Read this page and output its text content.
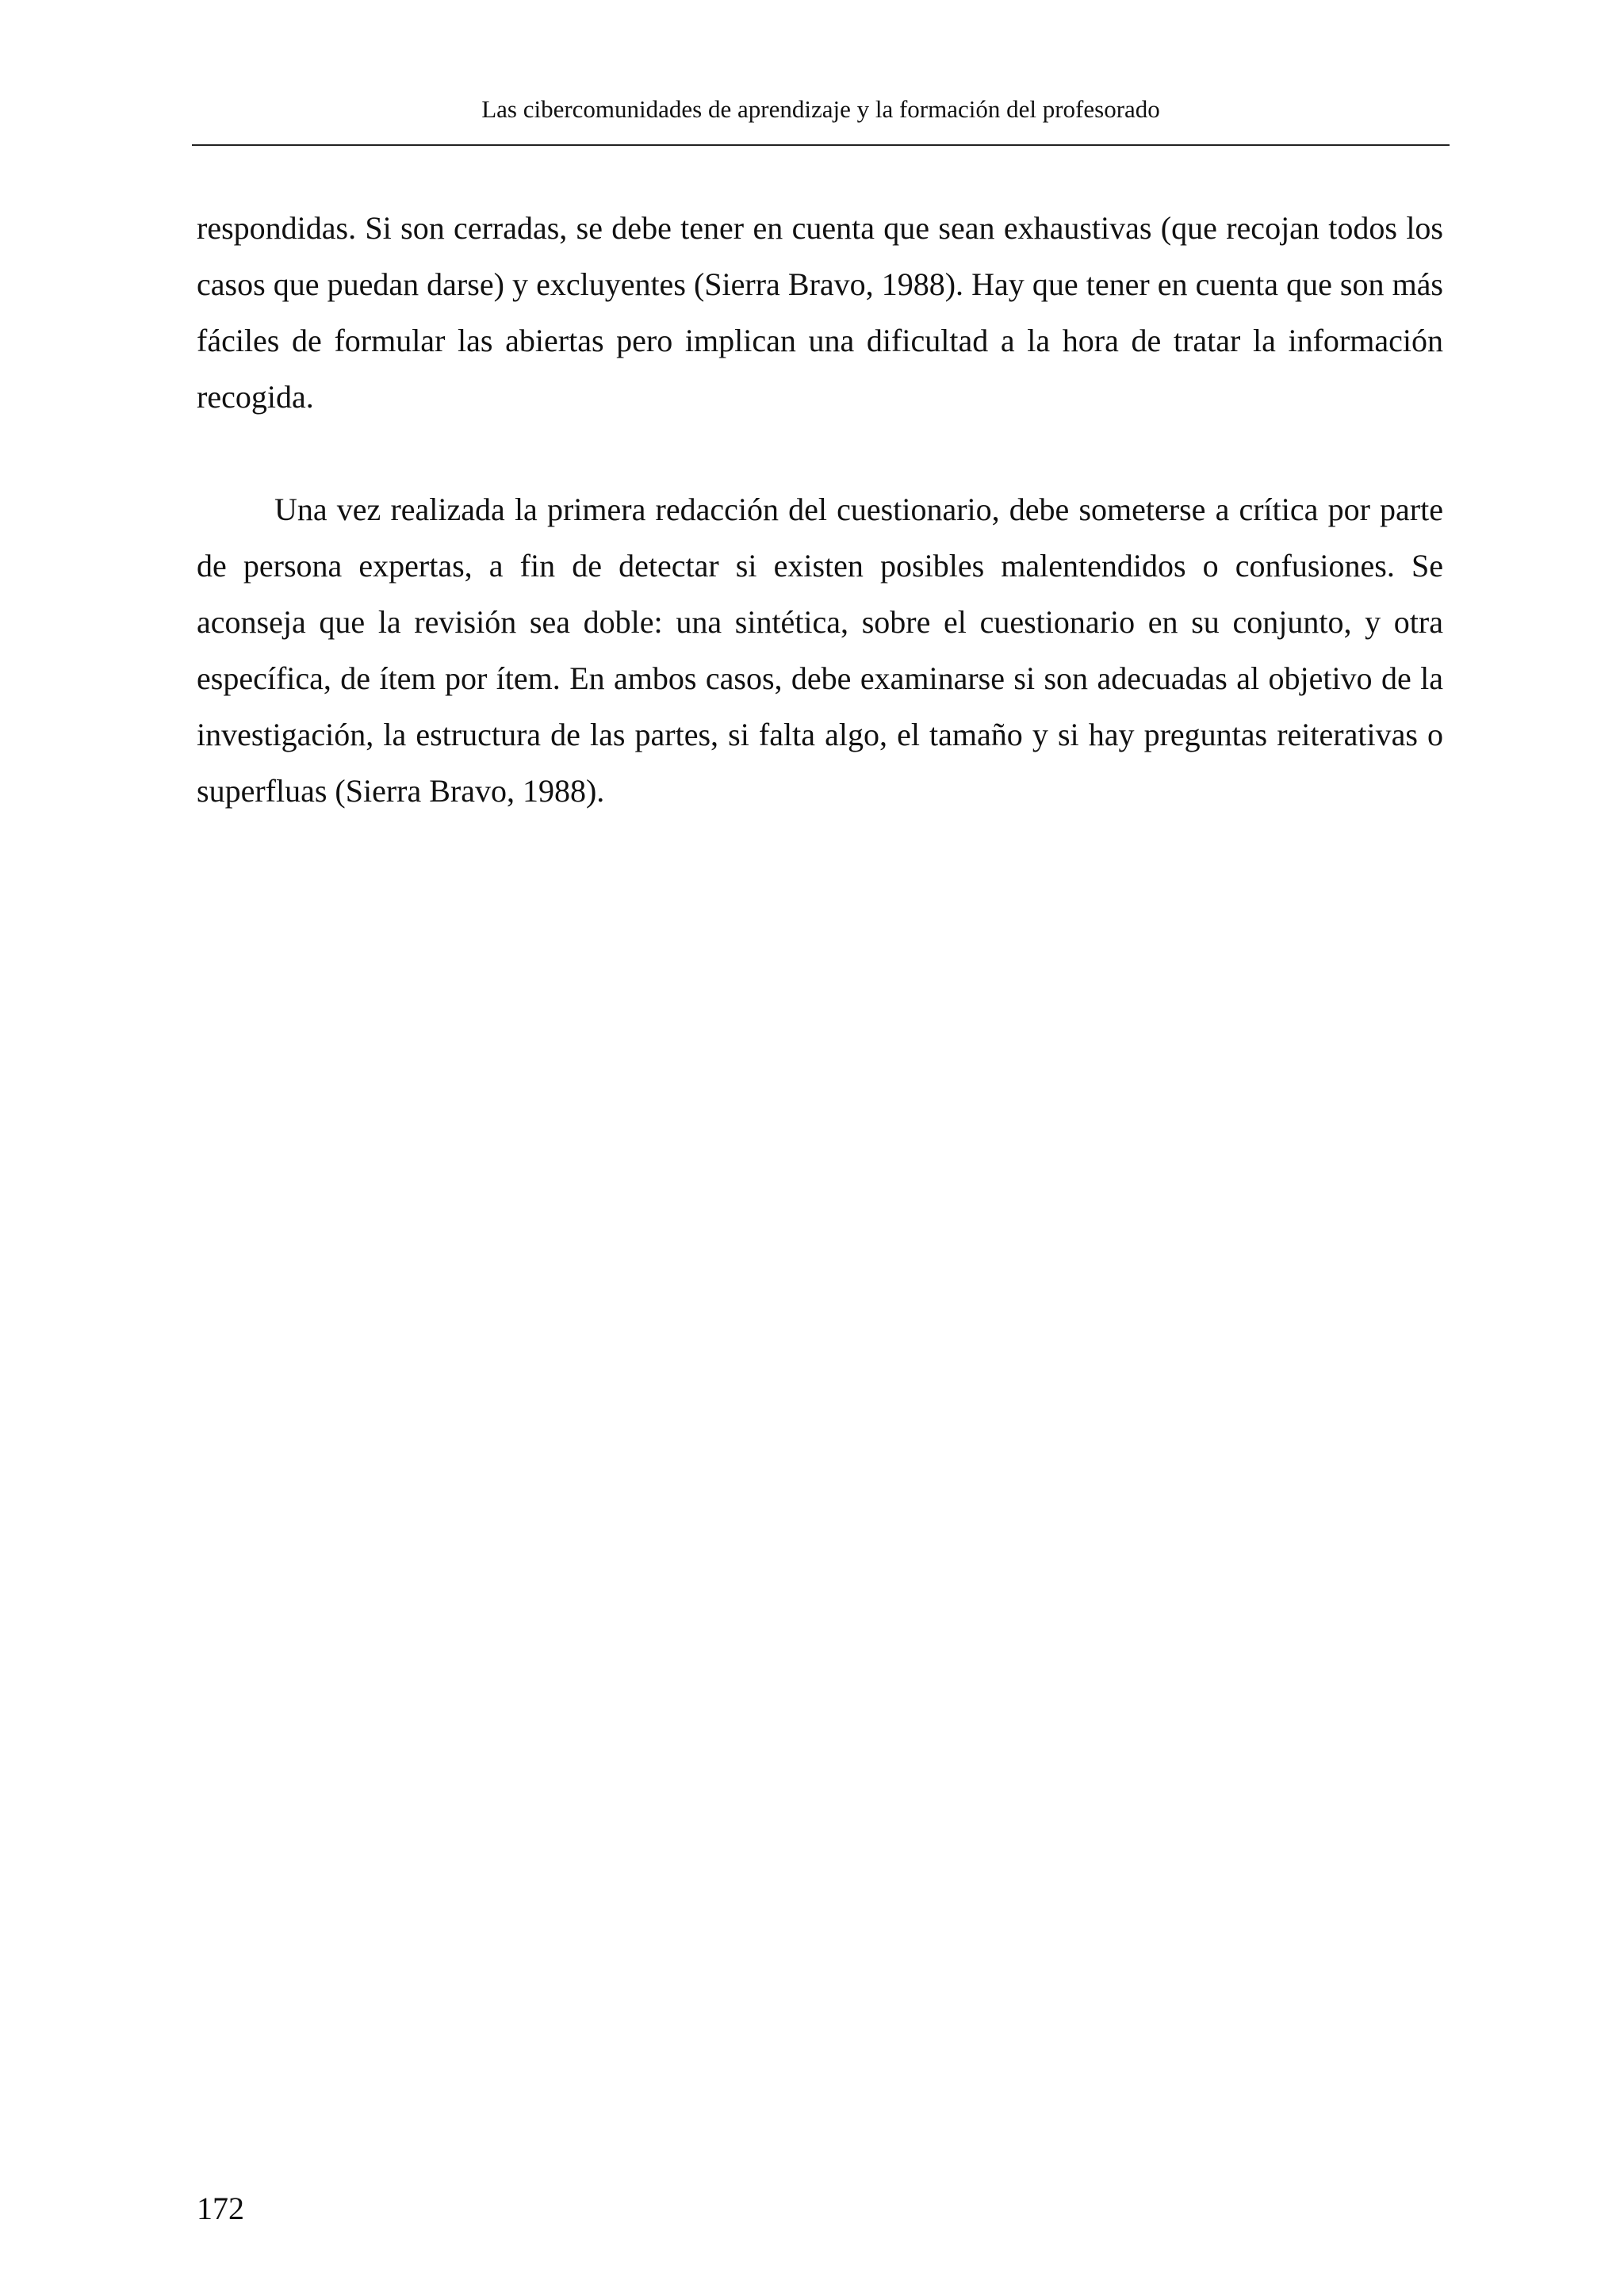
Las cibercomunidades de aprendizaje y la formación del profesorado

respondidas. Si son cerradas, se debe tener en cuenta que sean exhaustivas (que recojan todos los casos que puedan darse) y excluyentes (Sierra Bravo, 1988). Hay que tener en cuenta que son más fáciles de formular las abiertas pero implican una dificultad a la hora de tratar la información recogida.

Una vez realizada la primera redacción del cuestionario, debe someterse a crítica por parte de persona expertas, a fin de detectar si existen posibles malentendidos o confusiones. Se aconseja que la revisión sea doble: una sintética, sobre el cuestionario en su conjunto, y otra específica, de ítem por ítem. En ambos casos, debe examinarse si son adecuadas al objetivo de la investigación, la estructura de las partes, si falta algo, el tamaño y si hay preguntas reiterativas o superfluas (Sierra Bravo, 1988).

172
